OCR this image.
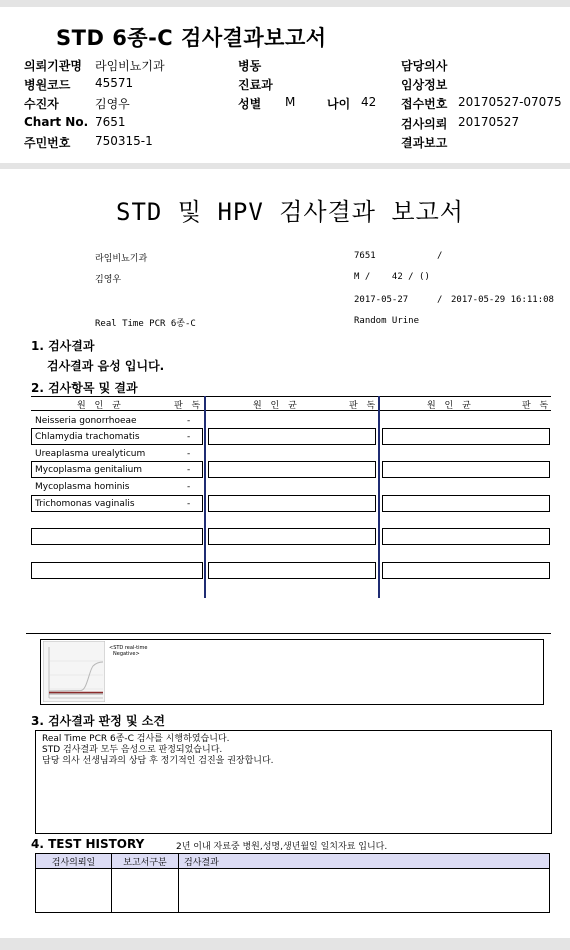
STD 6종-C 검사결과보고서
의뢰기관명 라임비뇨기과
병원코드 45571
수진자	김영우
Chart No. 7651
주민번호 750315-1
병동
진료과
성별 M	나이 42
담당의사
임상정보
접수번호 20170527-07075
검사의뢰 20170527
결과보고
STD 및 HPV 검사결과 보고서
라임비뇨기과	7651	/
김영우	M /    42 / ()
2017-05-27	/ 2017-05-29 16:11:08
Real Time PCR 6종-C	Random Urine
1. 검사결과
검사결과 음성 입니다.
2. 검사항목 및 결과
원 인 균	판 독	원 인 균	판 독	원 인 균	판 독
Neisseria gonorrhoeae	-
Chlamydia trachomatis	-
Ureaplasma urealyticum	-
Mycoplasma genitalium	-
Mycoplasma hominis	-
Trichomonas vaginalis	-
<STD real-time
Negative>
3. 검사결과 판정 및 소견
Real Time PCR 6종-C 검사를 시행하였습니다.
STD 검사결과 모두 음성으로 판정되었습니다.
담당 의사 선생님과의 상담 후 정기적인 검진을 권장합니다.
4. TEST HISTORY	2년 이내 자료중 병원,성명,생년월일 일치자료 입니다.
검사의뢰일	보고서구분	검사결과
